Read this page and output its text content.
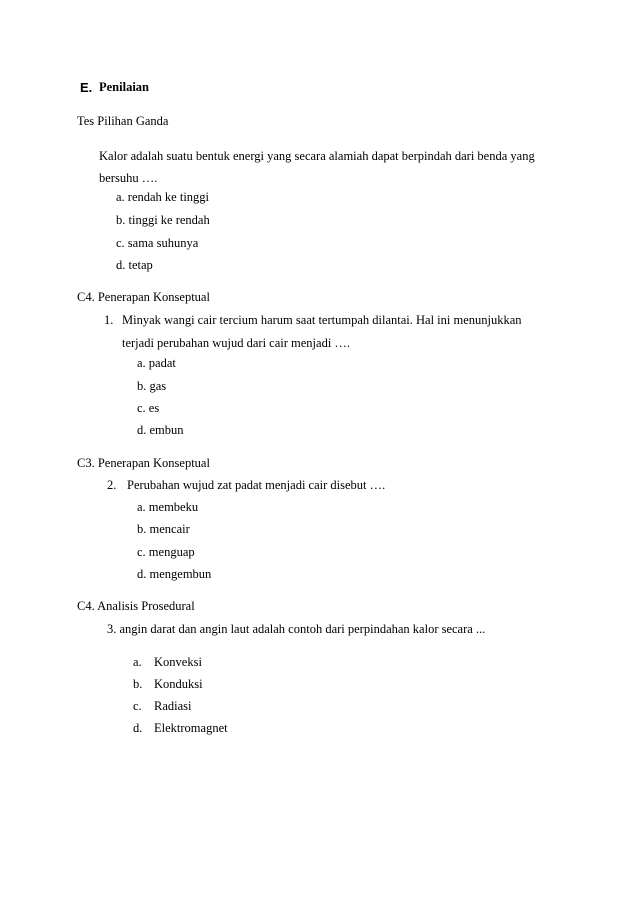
E. Penilaian
Tes Pilihan Ganda
Kalor adalah suatu bentuk energi yang secara alamiah dapat berpindah dari benda yang
bersuhu ….
a. rendah ke tinggi
b. tinggi ke rendah
c. sama suhunya
d. tetap
C4. Penerapan Konseptual
1. Minyak wangi cair tercium harum saat tertumpah dilantai. Hal ini menunjukkan
terjadi perubahan wujud dari cair menjadi ….
a. padat
b. gas
c. es
d. embun
C3. Penerapan Konseptual
2. Perubahan wujud zat padat menjadi cair disebut ….
a. membeku
b. mencair
c. menguap
d. mengembun
C4. Analisis Prosedural
3. angin darat dan angin laut adalah contoh dari perpindahan kalor secara ...
a. Konveksi
b. Konduksi
c. Radiasi
d. Elektromagnet
